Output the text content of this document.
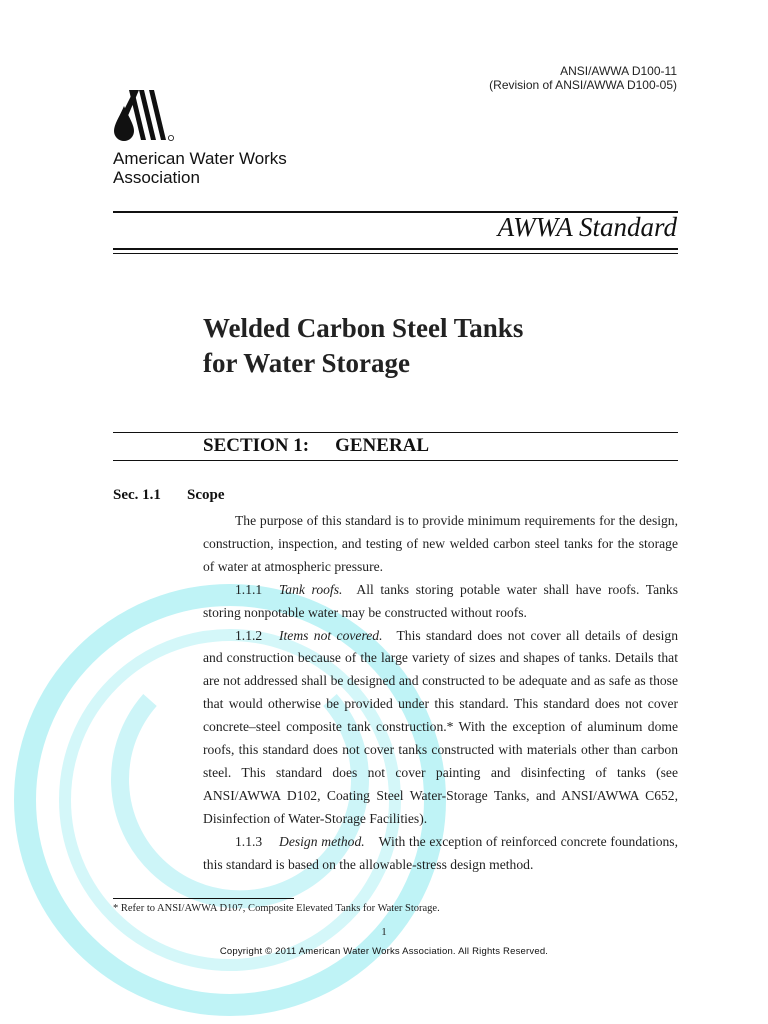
ANSI/AWWA D100-11
(Revision of ANSI/AWWA D100-05)
American Water Works
Association
AWWA Standard
Welded Carbon Steel Tanks
for Water Storage
SECTION 1: GENERAL
Sec. 1.1 Scope

The purpose of this standard is to provide minimum requirements for the design, construction, inspection, and testing of new welded carbon steel tanks for the storage of water at atmospheric pressure.

1.1.1 Tank roofs. All tanks storing potable water shall have roofs. Tanks storing nonpotable water may be constructed without roofs.

1.1.2 Items not covered. This standard does not cover all details of design and construction because of the large variety of sizes and shapes of tanks. Details that are not addressed shall be designed and constructed to be adequate and as safe as those that would otherwise be provided under this standard. This standard does not cover concrete–steel composite tank construction.* With the exception of aluminum dome roofs, this standard does not cover tanks constructed with materials other than carbon steel. This standard does not cover painting and disinfecting of tanks (see ANSI/AWWA D102, Coating Steel Water-Storage Tanks, and ANSI/AWWA C652, Disinfection of Water-Storage Facilities).

1.1.3 Design method. With the exception of reinforced concrete foundations, this standard is based on the allowable-stress design method.

* Refer to ANSI/AWWA D107, Composite Elevated Tanks for Water Storage.
1
Copyright © 2011 American Water Works Association. All Rights Reserved.
